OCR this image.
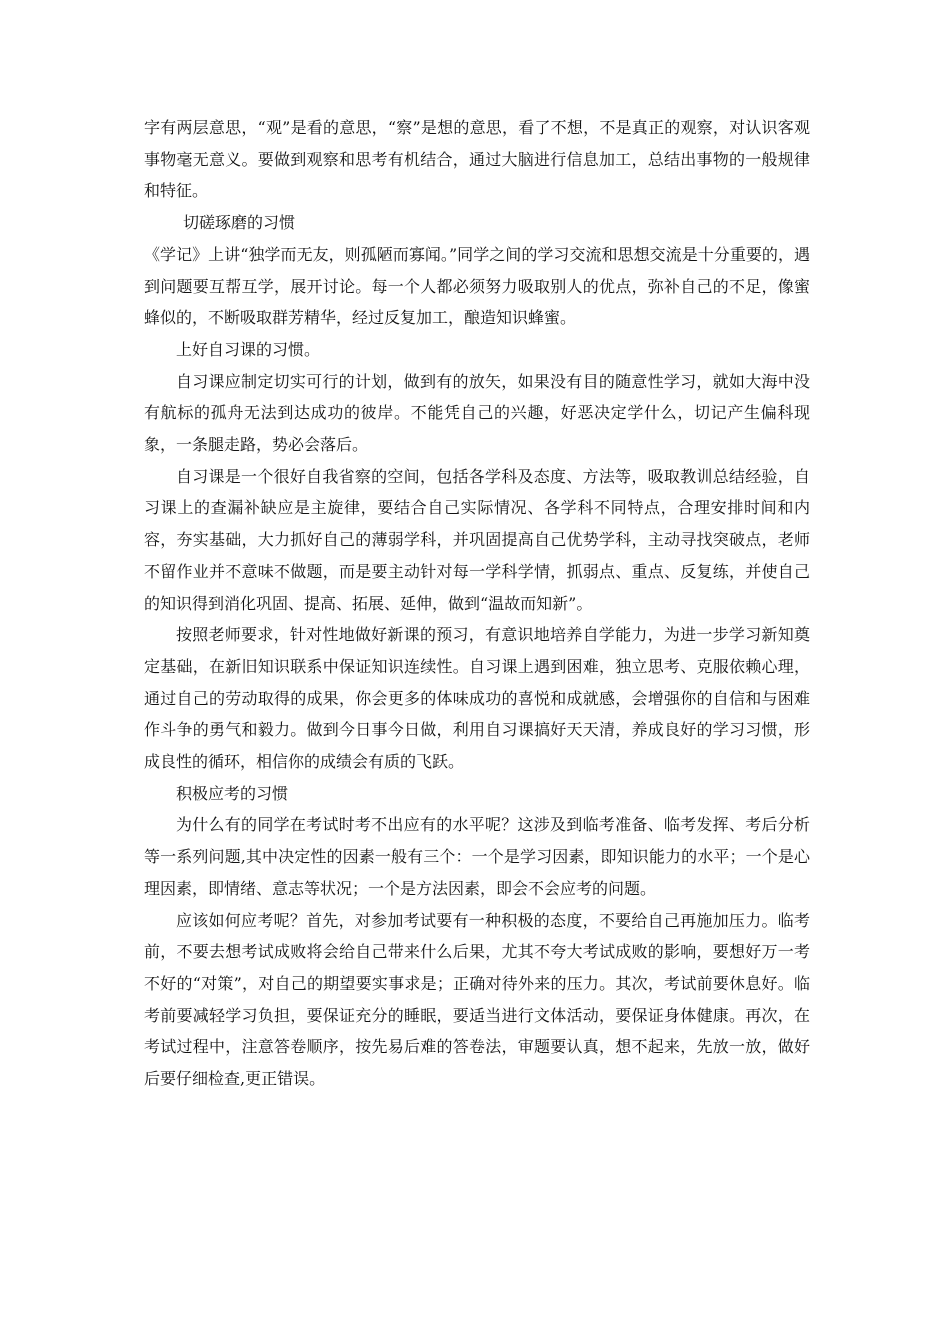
字有两层意思，“观”是看的意思，“察”是想的意思，看了不想，不是真正的观察，对认识客观事物毫无意义。要做到观察和思考有机结合，通过大脑进行信息加工，总结出事物的一般规律和特征。

切磋琢磨的习惯

《学记》上讲“独学而无友，则孤陋而寡闻。”同学之间的学习交流和思想交流是十分重要的，遇到问题要互帮互学，展开讨论。每一个人都必须努力吸取别人的优点，弥补自己的不足，像蜜蜂似的，不断吸取群芳精华，经过反复加工，酿造知识蜂蜜。

上好自习课的习惯。

自习课应制定切实可行的计划，做到有的放矢，如果没有目的随意性学习，就如大海中没有航标的孤舟无法到达成功的彼岸。不能凭自己的兴趣，好恶决定学什么，切记产生偏科现象，一条腿走路，势必会落后。

自习课是一个很好自我省察的空间，包括各学科及态度、方法等，吸取教训总结经验，自习课上的查漏补缺应是主旋律，要结合自己实际情况、各学科不同特点，合理安排时间和内容，夯实基础，大力抓好自己的薄弱学科，并巩固提高自己优势学科，主动寻找突破点，老师不留作业并不意味不做题，而是要主动针对每一学科学情，抓弱点、重点、反复练，并使自己的知识得到消化巩固、提高、拓展、延伸，做到“温故而知新”。

按照老师要求，针对性地做好新课的预习，有意识地培养自学能力，为进一步学习新知奠定基础，在新旧知识联系中保证知识连续性。自习课上遇到困难，独立思考、克服依赖心理，通过自己的劳动取得的成果，你会更多的体味成功的喜悦和成就感，会增强你的自信和与困难作斗争的勇气和毅力。做到今日事今日做，利用自习课搞好天天清，养成良好的学习习惯，形成良性的循环，相信你的成绩会有质的飞跃。

积极应考的习惯

为什么有的同学在考试时考不出应有的水平呢？这涉及到临考准备、临考发挥、考后分析等一系列问题,其中决定性的因素一般有三个：一个是学习因素，即知识能力的水平；一个是心理因素，即情绪、意志等状况；一个是方法因素，即会不会应考的问题。

应该如何应考呢？首先，对参加考试要有一种积极的态度，不要给自己再施加压力。临考前，不要去想考试成败将会给自己带来什么后果，尤其不夸大考试成败的影响，要想好万一考不好的“对策”，对自己的期望要实事求是；正确对待外来的压力。其次，考试前要休息好。临考前要减轻学习负担，要保证充分的睡眠，要适当进行文体活动，要保证身体健康。再次，在考试过程中，注意答卷顺序，按先易后难的答卷法，审题要认真，想不起来，先放一放，做好后要仔细检查,更正错误。
